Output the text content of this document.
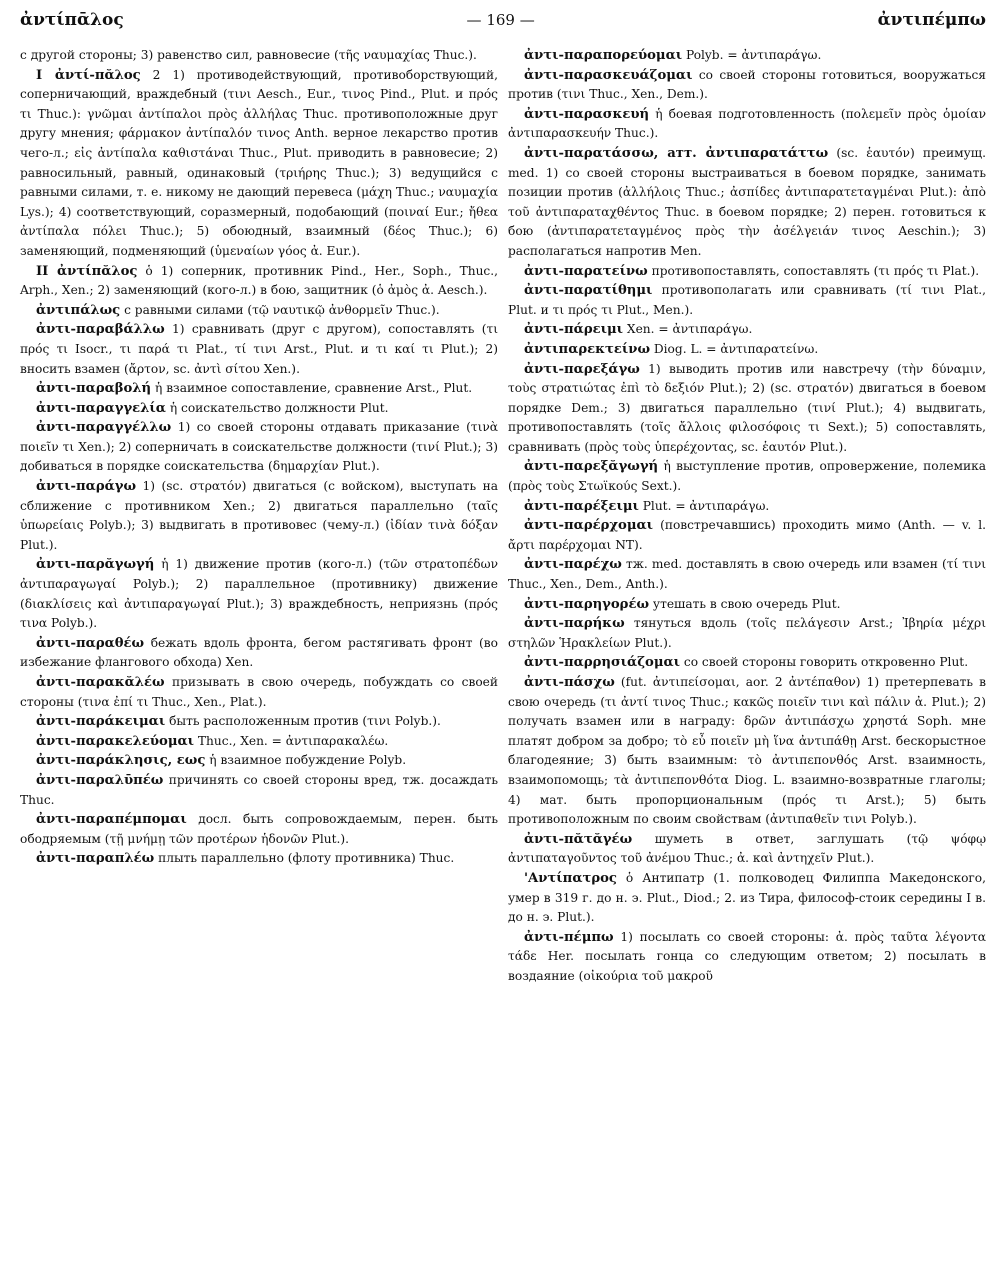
ἀντίπᾱλος	— 169 —	ἀντιπέμπω

с другой стороны; 3) равенство сил, равновесие (τῆς ναυμαχίας Thuc.).

I ἀντί-πᾰλος 2 1) противодействующий, противоборствующий, соперничающий, враждебный (τινι Aesch., Eur., τινος Pind., Plut. и πρός τι Thuc.): γνῶμαι ἀντίπαλοι πρὸς ἀλλήλας Thuc. противоположные друг другу мнения; φάρμακον ἀντίπαλόν τινος Anth. верное лекарство против чего-л.; εἰς ἀντίπαλα καθιστάναι Thuc., Plut. приводить в равновесие; 2) равносильный, равный, одинаковый (τριήρης Thuc.); 3) ведущийся с равными силами, т. е. никому не дающий перевеса (μάχη Thuc.; ναυμαχία Lys.); 4) соответствующий, соразмерный, подобающий (ποιναί Eur.; ἤθεα ἀντίπαλα πόλει Thuc.); 5) обоюдный, взаимный (δέος Thuc.); 6) заменяющий, подменяющий (ὑμεναίων γόος ἀ. Eur.).

II ἀντίπᾰλος ὁ 1) соперник, противник Pind., Her., Soph., Thuc., Arph., Xen.; 2) заменяющий (кого-л.) в бою, защитник (ὁ ἀμὸς ἀ. Aesch.).

ἀντιπάλως с равными силами (τῷ ναυτικῷ ἀνθορμεῖν Thuc.).

ἀντι-παραβάλλω 1) сравнивать (друг с другом), сопоставлять (τι πρός τι Isocr., τι παρά τι Plat., τί τινι Arst., Plut. и τι καί τι Plut.); 2) вносить взамен (ἄρτον, sc. ἀντὶ σίτου Xen.).

ἀντι-παραβολή ἡ взаимное сопоставление, сравнение Arst., Plut.

ἀντι-παραγγελία ἡ соискательство должности Plut.

ἀντι-παραγγέλλω 1) со своей стороны отдавать приказание (τινὰ ποιεῖν τι Xen.); 2) соперничать в соискательстве должности (τινί Plut.); 3) добиваться в порядке соискательства (δημαρχίαν Plut.).

ἀντι-παράγω 1) (sc. στρατόν) двигаться (с войском), выступать на сближение с противником Xen.; 2) двигаться параллельно (ταῖς ὑπωρείαις Polyb.); 3) выдвигать в противовес (чему-л.) (ἰδίαν τινὰ δόξαν Plut.).

ἀντι-παρᾰγωγή ἡ 1) движение против (кого-л.) (τῶν στρατοπέδων ἀντιπαραγωγαί Polyb.); 2) параллельное (противнику) движение (διακλίσεις καὶ ἀντιπαραγωγαί Plut.); 3) враждебность, неприязнь (πρός τινα Polyb.).

ἀντι-παραθέω бежать вдоль фронта, бегом растягивать фронт (во избежание флангового обхода) Xen.

ἀντι-παρακᾰλέω призывать в свою очередь, побуждать со своей стороны (τινα ἐπί τι Thuc., Xen., Plat.).

ἀντι-παράκειμαι быть расположенным против (τινι Polyb.).

ἀντι-παρακελεύομαι Thuc., Xen. = ἀντιπαρακαλέω.

ἀντι-παράκλησις, εως ἡ взаимное побуждение Polyb.

ἀντι-παραλῡπέω причинять со своей стороны вред, тж. досаждать Thuc.

ἀντι-παραπέμπομαι досл. быть сопровождаемым, перен. быть ободряемым (τῇ μνήμῃ τῶν προτέρων ἡδονῶν Plut.).

ἀντι-παραπλέω плыть параллельно (флоту противника) Thuc.

ἀντι-παραπορεύομαι Polyb. = ἀντιπαράγω.

ἀντι-παρασκευάζομαι со своей стороны готовиться, вооружаться против (τινι Thuc., Xen., Dem.).

ἀντι-παρασκευή ἡ боевая подготовленность (πολεμεῖν πρὸς ὁμοίαν ἀντιπαρασκευήν Thuc.).

ἀντι-παρατάσσω, атт. ἀντιπαρατάττω (sc. ἑαυτόν) преимущ. med. 1) со своей стороны выстраиваться в боевом порядке, занимать позиции против (ἀλλήλοις Thuc.; ἀσπίδες ἀντιπαρατεταγμέναι Plut.): ἀπὸ τοῦ ἀντιπαραταχθέντος Thuc. в боевом порядке; 2) перен. готовиться к бою (ἀντιπαρατεταγμένος πρὸς τὴν ἀσέλγειάν τινος Aeschin.); 3) располагаться напротив Men.

ἀντι-παρατείνω противопоставлять, сопоставлять (τι πρός τι Plat.).

ἀντι-παρατίθημι противополагать или сравнивать (τί τινι Plat., Plut. и τι πρός τι Plut., Men.).

ἀντι-πάρειμι Xen. = ἀντιπαράγω.

ἀντιπαρεκτείνω Diog. L. = ἀντιπαρατείνω.

ἀντι-παρεξάγω 1) выводить против или навстречу (τὴν δύναμιν, τοὺς στρατιώτας ἐπὶ τὸ δεξιόν Plut.); 2) (sc. στρατόν) двигаться в боевом порядке Dem.; 3) двигаться параллельно (τινί Plut.); 4) выдвигать, противопоставлять (τοῖς ἄλλοις φιλοσόφοις τι Sext.); 5) сопоставлять, сравнивать (πρὸς τοὺς ὑπερέχοντας, sc. ἑαυτόν Plut.).

ἀντι-παρεξᾰγωγή ἡ выступление против, опровержение, полемика (πρὸς τοὺς Στωϊκούς Sext.).

ἀντι-παρέξειμι Plut. = ἀντιπαράγω.

ἀντι-παρέρχομαι (повстречавшись) проходить мимо (Anth. — v. l. ἄρτι παρέρχομαι NT).

ἀντι-παρέχω тж. med. доставлять в свою очередь или взамен (τί τινι Thuc., Xen., Dem., Anth.).

ἀντι-παρηγορέω утешать в свою очередь Plut.

ἀντι-παρήκω тянуться вдоль (τοῖς πελάγεσιν Arst.; Ἰβηρία μέχρι στηλῶν Ἡρακλείων Plut.).

ἀντι-παρρησιάζομαι со своей стороны говорить откровенно Plut.

ἀντι-πάσχω (fut. ἀντιπείσομαι, aor. 2 ἀντέπαθον) 1) претерпевать в свою очередь (τι ἀντί τινος Thuc.; κακῶς ποιεῖν τινι καὶ πάλιν ἀ. Plut.); 2) получать взамен или в награду: δρῶν ἀντιπάσχω χρηστά Soph. мне платят добром за добро; τὸ εὖ ποιεῖν μὴ ἵνα ἀντιπάθῃ Arst. бескорыстное благодеяние; 3) быть взаимным: τὸ ἀντιπεπονθός Arst. взаимность, взаимопомощь; τὰ ἀντιπεπονθότα Diog. L. взаимно-возвратные глаголы; 4) мат. быть пропорциональным (πρός τι Arst.); 5) быть противоположным по своим свойствам (ἀντιπαθεῖν τινι Polyb.).

ἀντι-πᾰτᾰγέω шуметь в ответ, заглушать (τῷ ψόφῳ ἀντιπαταγοῦντος τοῦ ἀνέμου Thuc.; ἀ. καὶ ἀντηχεῖν Plut.).

'Αντίπατρος ὁ Антипатр (1. полководец Филиппа Македонского, умер в 319 г. до н. э. Plut., Diod.; 2. из Тира, философ-стоик середины I в. до н. э. Plut.).

ἀντι-πέμπω 1) посылать со своей стороны: ἀ. πρὸς ταῦτα λέγοντα τάδε Her. посылать гонца со следующим ответом; 2) посылать в воздаяние (οἰκούρια τοῦ μακροῦ
